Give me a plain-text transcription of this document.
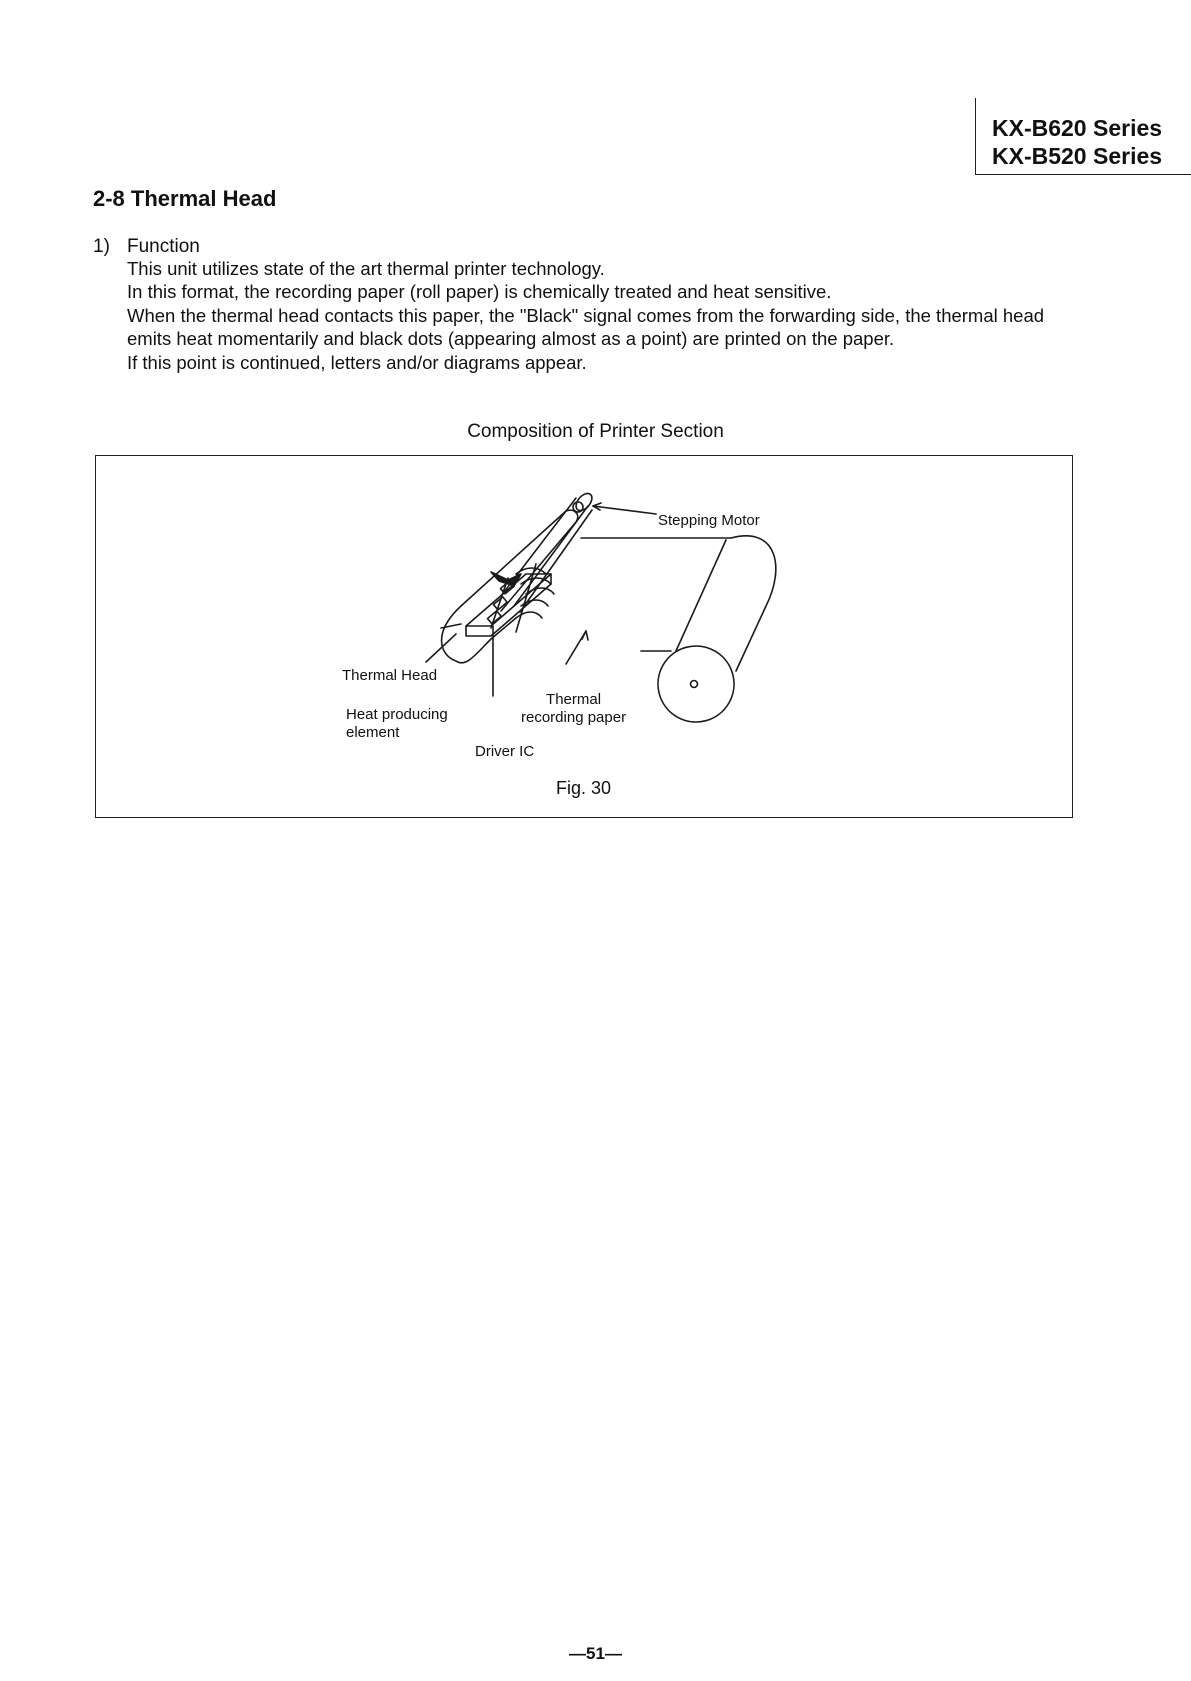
KX-B620 Series
KX-B520 Series
2-8 Thermal Head
1) Function

This unit utilizes state of the art thermal printer technology.

In this format, the recording paper (roll paper) is chemically treated and heat sensitive.

When the thermal head contacts this paper, the "Black" signal comes from the forwarding side, the thermal head emits heat momentarily and black dots (appearing almost as a point) are printed on the paper.

If this point is continued, letters and/or diagrams appear.

Composition of Printer Section
Stepping Motor
Thermal Head
Heat producing
element
Thermal
recording paper
Driver IC
Fig. 30
—51—
